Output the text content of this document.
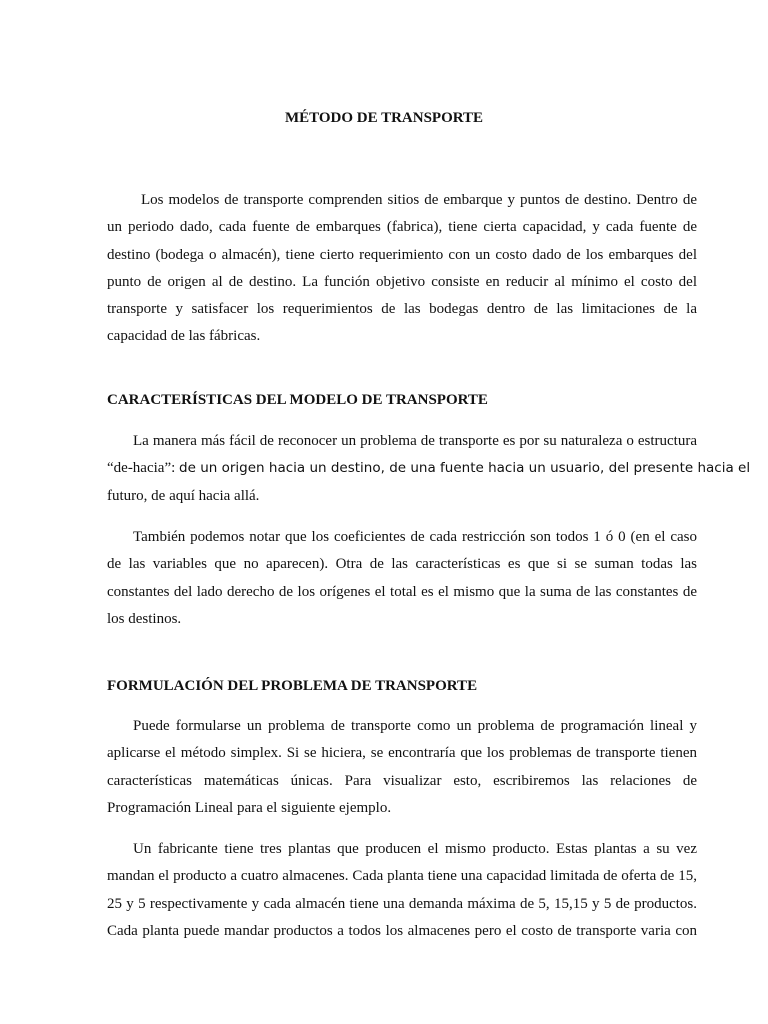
MÉTODO DE TRANSPORTE
Los modelos de transporte comprenden sitios de embarque y puntos de destino. Dentro de
un periodo dado, cada fuente de embarques (fabrica), tiene cierta capacidad, y cada fuente de
destino (bodega o almacén), tiene cierto requerimiento con un costo dado de los embarques del
punto de origen al de destino. La función objetivo consiste en reducir al mínimo el costo del
transporte y satisfacer los requerimientos de las bodegas dentro de las limitaciones de la
capacidad de las fábricas.
CARACTERÍSTICAS DEL MODELO DE TRANSPORTE
La manera más fácil de reconocer un problema de transporte es por su naturaleza o estructura
“de-hacia”: de un origen hacia un destino, de una fuente hacia un usuario, del presente hacia el
futuro, de aquí hacia allá.
También podemos notar que los coeficientes de cada restricción son todos 1 ó 0 (en el caso
de las variables que no aparecen). Otra de las características es que si se suman todas las
constantes del lado derecho de los orígenes el total es el mismo que la suma de las constantes de
los destinos.
FORMULACIÓN DEL PROBLEMA DE TRANSPORTE
Puede formularse un problema de transporte como un problema de programación lineal y
aplicarse el método simplex. Si se hiciera, se encontraría que los problemas de transporte tienen
características matemáticas únicas. Para visualizar esto, escribiremos las relaciones de
Programación Lineal para el siguiente ejemplo.
Un fabricante tiene tres plantas que producen el mismo producto. Estas plantas a su vez
mandan el producto a cuatro almacenes. Cada planta tiene una capacidad limitada de oferta de 15,
25 y 5 respectivamente y cada almacén tiene una demanda máxima de 5, 15,15 y 5 de productos.
Cada planta puede mandar productos a todos los almacenes pero el costo de transporte varia con
